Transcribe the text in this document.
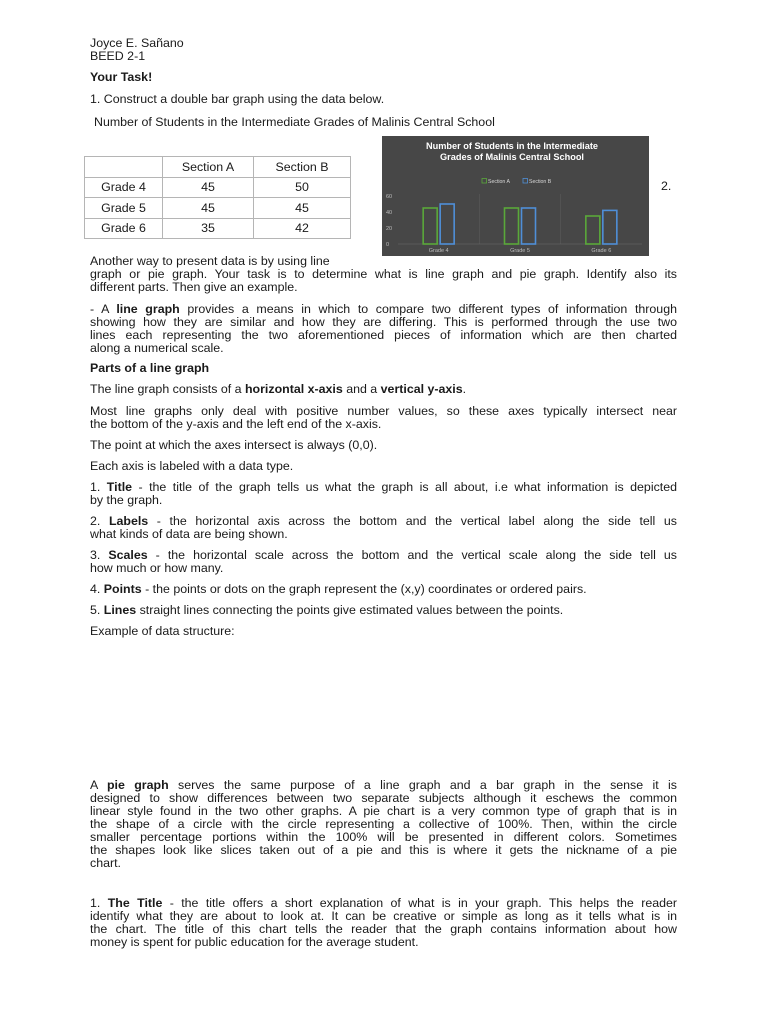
Joyce E. Sañano
BEED 2-1
Your Task!
1. Construct a double bar graph using the data below.
Number of Students in the Intermediate Grades of Malinis Central School
	Section A	Section B
Grade 4	45	50
Grade 5	45	45
Grade 6	35	42
Number of Students in the Intermediate
Grades of Malinis Central School
0
20
40
60
Section A	Section B
Grade 4	Grade 5	Grade 6
2.
Another way to present data is by using line
graph or pie graph. Your task is to determine what is line graph and pie graph. Identify also its
different parts. Then give an example.
- A line graph provides a means in which to compare two different types of information through
showing how they are similar and how they are differing. This is performed through the use two
lines each representing the two aforementioned pieces of information which are then charted
along a numerical scale.
Parts of a line graph
The line graph consists of a horizontal x-axis and a vertical y-axis.
Most line graphs only deal with positive number values, so these axes typically intersect near
the bottom of the y-axis and the left end of the x-axis.
The point at which the axes intersect is always (0,0).
Each axis is labeled with a data type.
1. Title - the title of the graph tells us what the graph is all about, i.e what information is depicted
by the graph.
2. Labels - the horizontal axis across the bottom and the vertical label along the side tell us
what kinds of data are being shown.
3. Scales - the horizontal scale across the bottom and the vertical scale along the side tell us
how much or how many.
4. Points - the points or dots on the graph represent the (x,y) coordinates or ordered pairs.
5. Lines straight lines connecting the points give estimated values between the points.
Example of data structure:
A pie graph serves the same purpose of a line graph and a bar graph in the sense it is
designed to show differences between two separate subjects although it eschews the common
linear style found in the two other graphs. A pie chart is a very common type of graph that is in
the shape of a circle with the circle representing a collective of 100%. Then, within the circle
smaller percentage portions within the 100% will be presented in different colors. Sometimes
the shapes look like slices taken out of a pie and this is where it gets the nickname of a pie
chart.
1. The Title - the title offers a short explanation of what is in your graph. This helps the reader
identify what they are about to look at. It can be creative or simple as long as it tells what is in
the chart. The title of this chart tells the reader that the graph contains information about how
money is spent for public education for the average student.
